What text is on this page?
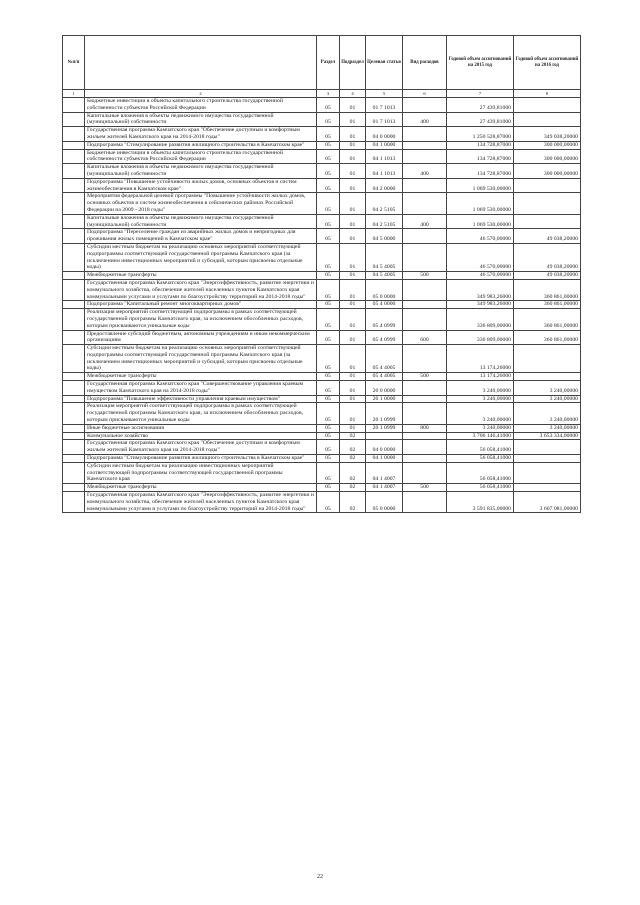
№п/п		Раздел	Подраздел	Целевая статья	Вид расходов	Годовой объем ассигнований на 2015 год	Годовой объем ассигнований на 2016 год
1	2	3	4	5	6	7	8
	Бюджетные инвестиции в объекты капитального строительства государственной собственности субъектов Российской Федерации	05	01	01 7 1013		27 439,81000	
	Капитальные вложения в объекты недвижимого имущества государственной (муниципальной) собственности	05	01	01 7 1013	400	27 439,81000	
	Государственная программа Камчатского края "Обеспечение доступным и комфортным жильем жителей Камчатского края на 2014-2018 годы"	05	01	04 0 0000		1 250 528,87000	349 038,20000
	Подпрограмма "Стимулирование развития жилищного строительства в Камчатском крае"	05	01	04 1 0000		134 728,87000	300 000,00000
	Бюджетные инвестиции в объекты капитального строительства государственной собственности субъектов Российской Федерации	05	01	04 1 1013		134 728,87000	300 000,00000
	Капитальные вложения в объекты недвижимого имущества государственной (муниципальной) собственности	05	01	04 1 1013	400	134 728,87000	300 000,00000
	Подпрограмма "Повышение устойчивости жилых домов, основных объектов и систем жизнеобеспечения в Камчатском крае"	05	01	04 2 0000		1 069 530,00000	
	Мероприятия федеральной целевой программы "Повышение устойчивости жилых домов, основных объектов и систем жизнеобеспечения в сейсмических районах Российской Федерации на 2009 - 2018 годы"	05	01	04 2 5105		1 069 530,00000	
	Капитальные вложения в объекты недвижимого имущества государственной (муниципальной) собственности	05	01	04 2 5105	400	1 069 530,00000	
	Подпрограмма "Переселение граждан из аварийных жилых домов и непригодных для проживания жилых помещений в Камчатском крае"	05	01	04 5 0000		46 570,00000	49 038,20000
	Субсидии местным бюджетам на реализацию основных мероприятий соответствующей подпрограммы соответствующей государственной программы Камчатского края (за исключением инвестиционных мероприятий и субсидий, которым присвоены отдельные коды)	05	01	04 5 4005		46 570,00000	49 038,20000
	Межбюджетные трансферты	05	01	04 5 4005	500	46 570,00000	49 038,20000
	Государственная программа Камчатского края "Энергоэффективность, развитие энергетики и коммунального хозяйства, обеспечение жителей населенных пунктов Камчатского края коммунальными услугами и услугами по благоустройству территорий на 2014-2018 годы"	05	01	05 0 0000		349 983,26000	360 861,00000
	Подпрограмма "Капитальный ремонт многоквартирных домов"	05	01	05 4 0000		349 983,26000	360 861,00000
	Реализация мероприятий соответствующей подпрограммы в рамках соответствующей государственной программы Камчатского края, за исключением обособленных расходов, которым присваиваются уникальные коды	05	01	05 4 0999		336 809,00000	360 861,00000
	Предоставление субсидий бюджетным, автономным учреждениям и иным некоммерческим организациям	05	01	05 4 0999	600	336 809,00000	360 861,00000
	Субсидии местным бюджетам на реализацию основных мероприятий соответствующей подпрограммы соответствующей государственной программы Камчатского края (за исключением инвестиционных мероприятий и субсидий, которым присвоены отдельные коды)	05	01	05 4 4005		13 174,26000	
	Межбюджетные трансферты	05	01	05 4 4005	500	13 174,26000	
	Государственная программа Камчатского края "Совершенствование управления краевым имуществом Камчатского края на 2014-2018 годы"	05	01	20 0 0000		3 240,00000	3 240,00000
	Подпрограмма "Повышение эффективности управления краевым имуществом"	05	01	20 1 0000		3 240,00000	3 240,00000
	Реализация мероприятий соответствующей подпрограммы в рамках соответствующей государственной программы Камчатского края, за исключением обособленных расходов, которым присваиваются уникальные коды	05	01	20 1 0999		3 240,00000	3 240,00000
	Иные бюджетные ассигнования	05	01	20 1 0999	800	3 240,00000	3 240,00000
	Коммунальное хозяйство	05	02			3 706 146,41000	3 653 334,00000
	Государственная программа Камчатского края "Обеспечение доступным и комфортным жильем жителей Камчатского края на 2014-2018 годы"	05	02	04 0 0000		56 058,41000	
	Подпрограмма "Стимулирование развития жилищного строительства в Камчатском крае"	05	02	04 1 0000		56 058,41000	
	Субсидии местным бюджетам на реализацию инвестиционных мероприятий соответствующей подпрограммы соответствующей государственной программы Камчатского края	05	02	04 1 4007		56 058,41000	
	Межбюджетные трансферты	05	02	04 1 4007	500	56 058,41000	
	Государственная программа Камчатского края "Энергоэффективность, развитие энергетики и коммунального хозяйства, обеспечение жителей населенных пунктов Камчатского края коммунальными услугами и услугами по благоустройству территорий на 2014-2018 годы"	05	02	05 0 0000		3 591 835,00000	3 607 081,00000
22
